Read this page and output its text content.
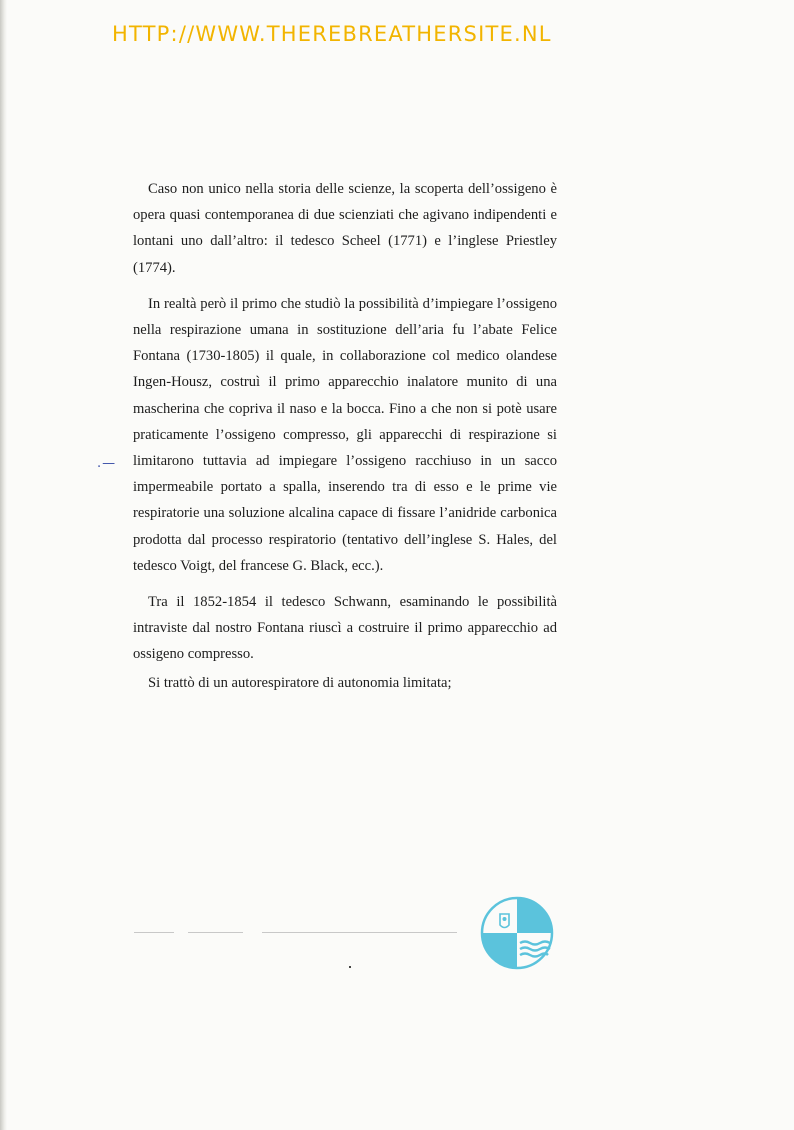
HTTP://WWW.THEREBREATHERSITE.NL
.—

Caso non unico nella storia delle scienze, la scoperta dell’ossigeno è opera quasi contemporanea di due scienziati che agivano indipendenti e lontani uno dall’altro: il tedesco Scheel (1771) e l’inglese Priestley (1774).

In realtà però il primo che studiò la possibilità d’impiegare l’ossigeno nella respirazione umana in sostituzione dell’aria fu l’abate Felice Fontana (1730-1805) il quale, in collaborazione col medico olandese Ingen-Housz, costruì il primo apparecchio inalatore munito di una mascherina che copriva il naso e la bocca. Fino a che non si potè usare praticamente l’ossigeno compresso, gli apparecchi di respirazione si limitarono tuttavia ad impiegare l’ossigeno racchiuso in un sacco impermeabile portato a spalla, inserendo tra di esso e le prime vie respiratorie una soluzione alcalina capace di fissare l’anidride carbonica prodotta dal processo respiratorio (tentativo dell’inglese S. Hales, del tedesco Voigt, del francese G. Black, ecc.).

Tra il 1852-1854 il tedesco Schwann, esaminando le possibilità intraviste dal nostro Fontana riuscì a costruire il primo apparecchio ad ossigeno compresso.

Si trattò di un autorespiratore di autonomia limitata;
